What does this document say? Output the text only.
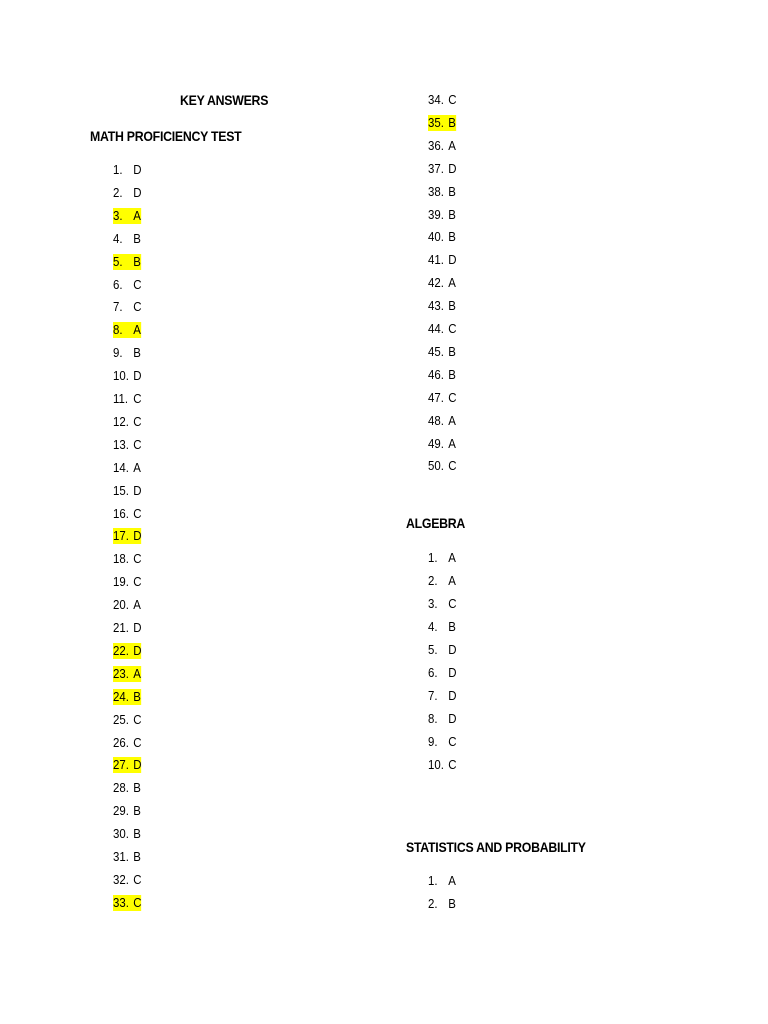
KEY ANSWERS
MATH PROFICIENCY TEST
ALGEBRA
STATISTICS AND PROBABILITY
1. D
2. D
3. A
4. B
5. B
6. C
7. C
8. A
9. B
10. D
11. C
12. C
13. C
14. A
15. D
16. C
17. D
18. C
19. C
20. A
21. D
22. D
23. A
24. B
25. C
26. C
27. D
28. B
29. B
30. B
31. B
32. C
33. C
34. C
35. B
36. A
37. D
38. B
39. B
40. B
41. D
42. A
43. B
44. C
45. B
46. B
47. C
48. A
49. A
50. C
1. A
2. A
3. C
4. B
5. D
6. D
7. D
8. D
9. C
10. C
1. A
2. B
